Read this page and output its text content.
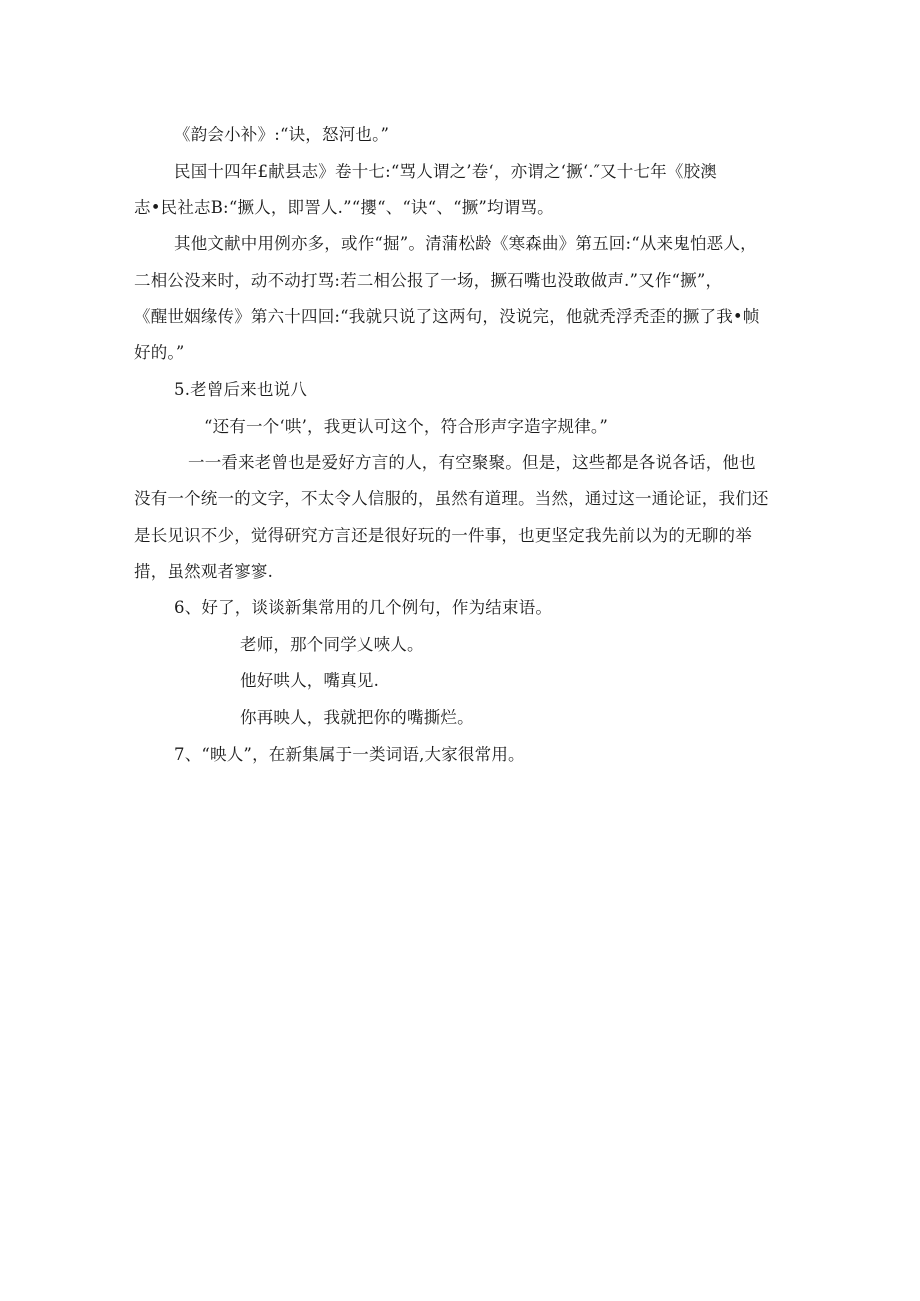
《韵会小补》:“诀，怒河也。”
民国十四年£献县志》卷十七:“骂人谓之’卷‘，亦谓之‘撅‘.″又十七年《胶澳
志•民社志B:“撅人，即詈人.”“攖“、“诀“、“撅”均谓骂。
其他文献中用例亦多，或作“掘”。清蒲松龄《寒森曲》第五回:“从来鬼怕恶人，
二相公没来时，动不动打骂:若二相公报了一场，撅石嘴也没敢做声.”又作“撅”，
《醒世姻缘传》第六十四回:“我就只说了这两句，没说完，他就秃浮秃歪的撅了我•帧
好的。”
5.老曾后来也说八
“还有一个‘哄’，我更认可这个，符合形声字造字规律。”
一一看来老曾也是爱好方言的人，有空聚聚。但是，这些都是各说各话，他也
没有一个统一的文字，不太令人信服的，虽然有道理。当然，通过这一通论证，我们还
是长见识不少，觉得研究方言还是很好玩的一件事，也更坚定我先前以为的无聊的举
措，虽然观者寥寥.
6、好了，谈谈新集常用的几个例句，作为结束语。
老师，那个同学乂唊人。
他好哄人，嘴真见.
你再映人，我就把你的嘴撕烂。
7、“映人”，在新集属于一类词语,大家很常用。
